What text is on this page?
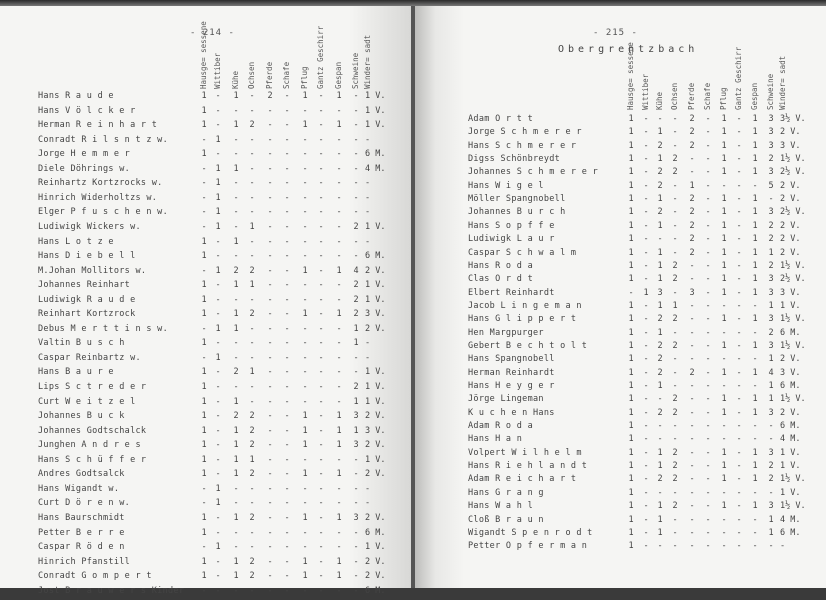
- 214 -
Hausge= sessene Wittiber Kühe Ochsen Pferde Schafe Pflug Gantz Geschirr Gespan Schweine Winder= sadt
Hans R a u d e	1 - 1 - 2 - 1 - 1 - 1 V.
Hans V ö l c k e r	1 - - - - - - - - - 1 V.
Herman R e i n h a r t	1 - 1 2 - - 1 - 1 - 1 V.
Conradt R i l s n t z w.	- 1 - - - - - - - - -
Jorge H e m m e r	1 - - - - - - - - - 6 M.
Diele Döhrings w.	- 1 1 - - - - - - - 4 M.
Reinhartz Kortzrocks w.	- 1 - - - - - - - - -
Hinrich Widerholtzs w.	- 1 - - - - - - - - -
Elger P f u s c h e n w.	- 1 - - - - - - - - -
Ludiwigk Wickers w.	- 1 - 1 - - - - - 2 1 V.
Hans L o t z e	1 - 1 - - - - - - - -
Hans D i e b e l l	1 - - - - - - - - - 6 M.
M.Johan Mollitors w.	- 1 2 2 - - 1 - 1 4 2 V.
Johannes Reinhart	1 - 1 1 - - - - - 2 1 V.
Ludiwigk R a u d e	1 - - - - - - - - 2 1 V.
Reinhart Kortzrock	1 - 1 2 - - 1 - 1 2 3 V.
Debus M e r t t i n s w.	- 1 1 - - - - - - 1 2 V.
Valtin B u s c h	1 - - - - - - - - 1 -
Caspar Reinbartz w.	- 1 - - - - - - - - -
Hans B a u r e	1 - 2 1 - - - - - - 1 V.
Lips S c t r e d e r	1 - - - - - - - - 2 1 V.
Curt W e i t z e l	1 - 1 - - - - - - 1 1 V.
Johannes B u c k	1 - 2 2 - - 1 - 1 3 2 V.
Johannes Godtschalck	1 - 1 2 - - 1 - 1 1 3 V.
Junghen A n d r e s	1 - 1 2 - - 1 - 1 3 2 V.
Hans S c h ü f f e r	1 - 1 1 - - - - - - 1 V.
Andres Godtsalck	1 - 1 2 - - 1 - 1 - 2 V.
Hans Wigandt w.	- 1 - - - - - - - - -
Curt D ö r e n w.	- 1 - - - - - - - - -
Hans Baurschmidt	1 - 1 2 - - 1 - 1 3 2 V.
Petter B e r r e	1 - - - - - - - - - 6 M.
Caspar R ö d e n	- 1 - - - - - - - - 1 V.
Hinrich Pfanstill	1 - 1 2 - - 1 - 1 - 2 V.
Conradt G o m p e r t	1 - 1 2 - - 1 - 1 - 2 V.
Jost B r a u w e r s Kinder - - - - - - - - - - 6 M.
- 215 -
Obergrentzbach
Hausge= sessene Wittiber Kühe Ochsen Pferde Schafe Pflug Gantz Geschirr Gespan Schweine Winder= sadt
Adam O r t t	1 - - - 2 - 1 - 1 3 3½ V.
Jorge S c h m e r e r	1 - 1 - 2 - 1 - 1 3 2 V.
Hans S c h m e r e r	1 - 2 - 2 - 1 - 1 3 3 V.
Digss Schönbreydt	1 - 1 2 - - 1 - 1 2 1½ V.
Johannes S c h m e r e r	1 - 2 2 - - 1 - 1 3 2½ V.
Hans W i g e l	1 - 2 - 1 - - - - 5 2 V.
Möller Spangnobell	1 - 1 - 2 - 1 - 1 - 2 V.
Johannes B u r c h	1 - 2 - 2 - 1 - 1 3 2½ V.
Hans S o p f f e	1 - 1 - 2 - 1 - 1 2 2 V.
Ludiwigk L a u r	1 - - - 2 - 1 - 1 2 2 V.
Caspar S c h w a l m	1 - 1 - 2 - 1 - 1 1 2 V.
Hans R o d a	1 - 1 2 - - 1 - 1 2 1½ V.
Clas O r d t	1 - 1 2 - - 1 - 1 3 2½ V.
Elbert Reinhardt	- 1 3 - 3 - 1 - 1 3 3 V.
Jacob L i n g e m a n	1 - 1 1 - - - - - 1 1 V.
Hans G l i p p e r t	1 - 2 2 - - 1 - 1 3 1½ V.
Hen Margpurger	1 - 1 - - - - - - 2 6 M.
Gebert B e c h t o l t	1 - 2 2 - - 1 - 1 3 1½ V.
Hans Spangnobell	1 - 2 - - - - - - 1 2 V.
Herman Reinhardt	1 - 2 - 2 - 1 - 1 4 3 V.
Hans H e y g e r	1 - 1 - - - - - - 1 6 M.
Jörge Lingeman	1 - - 2 - - 1 - 1 1 1½ V.
K u c h e n Hans	1 - 2 2 - - 1 - 1 3 2 V.
Adam R o d a	1 - - - - - - - - - 6 M.
Hans H a n	1 - - - - - - - - - 4 M.
Volpert W i l h e l m	1 - 1 2 - - 1 - 1 3 1 V.
Hans R i e h l a n d t	1 - 1 2 - - 1 - 1 2 1 V.
Adam R e i c h a r t	1 - 2 2 - - 1 - 1 2 1½ V.
Hans G r a n g	1 - - - - - - - - - 1 V.
Hans W a h l	1 - 1 2 - - 1 - 1 3 1½ V.
Cloß B r a u n	1 - 1 - - - - - - 1 4 M.
Wigandt S p e n r o d t	1 - 1 - - - - - - 1 6 M.
Petter O p f e r m a n	1 - - - - - - - - - -
